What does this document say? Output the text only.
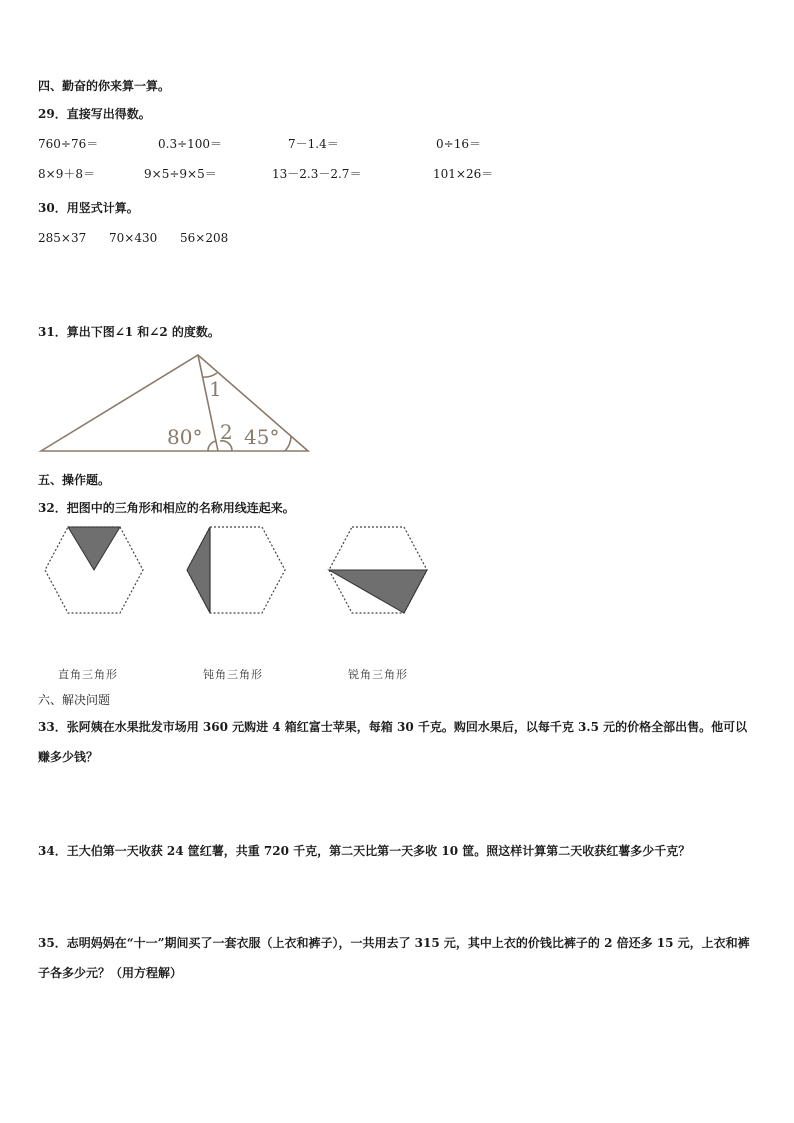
四、勤奋的你来算一算。
29．直接写出得数。
760÷76＝	0.3÷100＝	7－1.4＝	0÷16＝
8×9＋8＝	9×5÷9×5＝	13－2.3－2.7＝	101×26＝
30．用竖式计算。
285×37 70×430 56×208
31．算出下图∠1 和∠2 的度数。
1
80° 2 45°
五、操作题。
32．把图中的三角形和相应的名称用线连起来。
直角三角形	钝角三角形	锐角三角形
六、解决问题
33．张阿姨在水果批发市场用 360 元购进 4 箱红富士苹果，每箱 30 千克。购回水果后，以每千克 3.5 元的价格全部出售。他可以赚多少钱？
34．王大伯第一天收获 24 筐红薯，共重 720 千克，第二天比第一天多收 10 筐。照这样计算第二天收获红薯多少千克？
35．志明妈妈在“十一”期间买了一套衣服（上衣和裤子），一共用去了 315 元，其中上衣的价钱比裤子的 2 倍还多 15 元，上衣和裤子各多少元？（用方程解）
